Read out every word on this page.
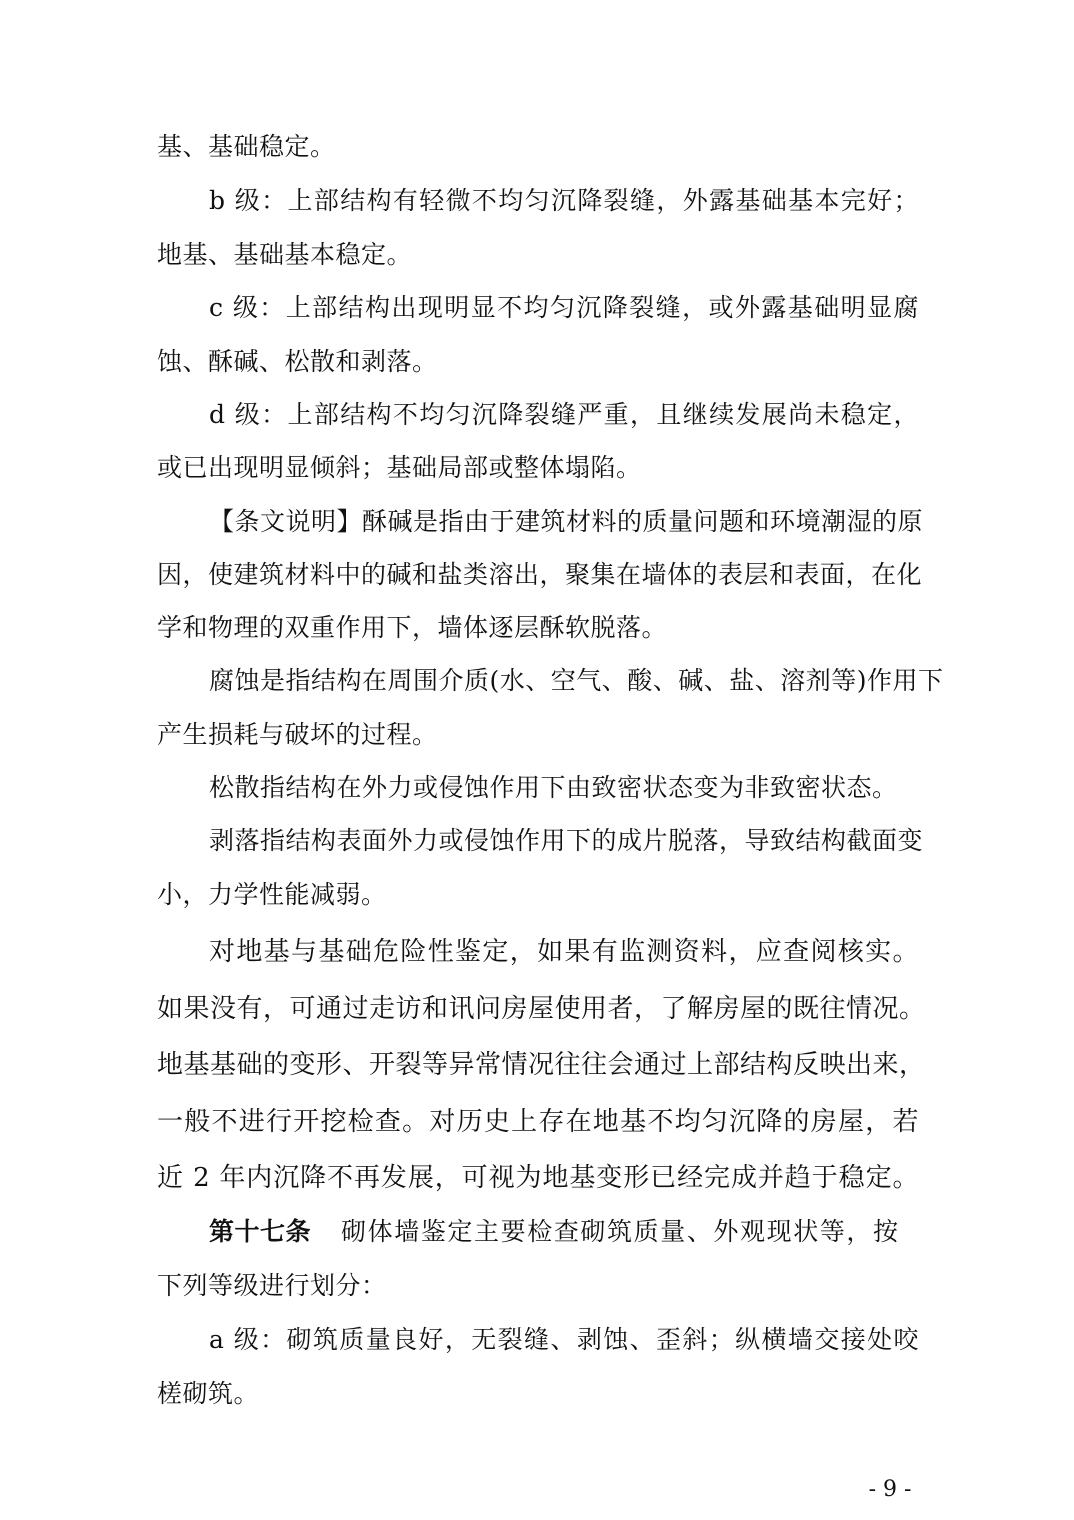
基、基础稳定。
b 级：上部结构有轻微不均匀沉降裂缝，外露基础基本完好；
地基、基础基本稳定。
c 级：上部结构出现明显不均匀沉降裂缝，或外露基础明显腐
蚀、酥碱、松散和剥落。
d 级：上部结构不均匀沉降裂缝严重，且继续发展尚未稳定，
或已出现明显倾斜；基础局部或整体塌陷。
【条文说明】酥碱是指由于建筑材料的质量问题和环境潮湿的原
因，使建筑材料中的碱和盐类溶出，聚集在墙体的表层和表面，在化
学和物理的双重作用下，墙体逐层酥软脱落。
腐蚀是指结构在周围介质(水、空气、酸、碱、盐、溶剂等)作用下
产生损耗与破坏的过程。
松散指结构在外力或侵蚀作用下由致密状态变为非致密状态。
剥落指结构表面外力或侵蚀作用下的成片脱落，导致结构截面变
小，力学性能减弱。
对地基与基础危险性鉴定，如果有监测资料，应查阅核实。
如果没有，可通过走访和讯问房屋使用者，了解房屋的既往情况。
地基基础的变形、开裂等异常情况往往会通过上部结构反映出来，
一般不进行开挖检查。对历史上存在地基不均匀沉降的房屋，若
近 2 年内沉降不再发展，可视为地基变形已经完成并趋于稳定。
第十七条 砌体墙鉴定主要检查砌筑质量、外观现状等，按
下列等级进行划分：
a 级：砌筑质量良好，无裂缝、剥蚀、歪斜；纵横墙交接处咬
槎砌筑。
- 9 -
